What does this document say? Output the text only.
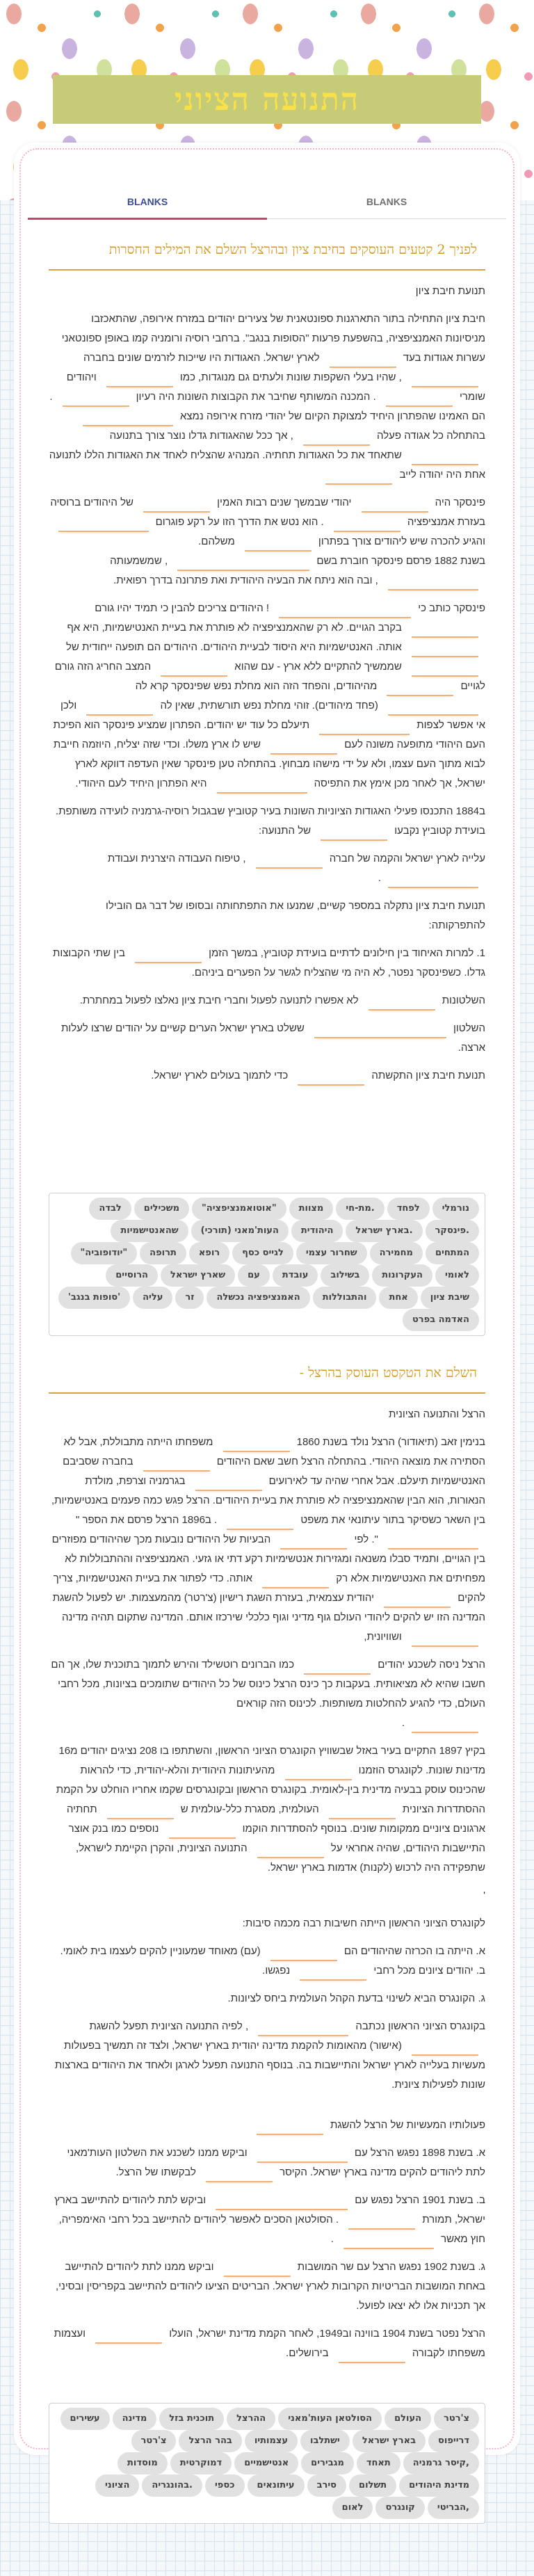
התנועה הציוני
BLANKS	BLANKS
לפניך 2 קטעים העוסקים בחיבת ציון ובהרצל השלם את המילים החסרות
תנועת חיבת ציון
חיבת ציון התחילה בתור התארגנות ספונטאנית של צעירים יהודים במזרח אירופה, שהתאכזבו מניסיונות האמנציפציה, בהשפעת פרעות "הסופות בנגב". ברחבי רוסיה ורומניה קמו באופן ספונטאני עשרות אגודות בעד לארץ ישראל. האגודות היו שייכות לזרמים שונים בחברה , שהיו בעלי השקפות שונות ולעתים גם מנוגדות, כמו ויהודים שומרי . המכנה המשותף שחיבר את הקבוצות השונות היה רעיון . הם האמינו שהפתרון היחיד למצוקת הקיום של יהודי מזרח אירופה נמצא בהתחלה כל אגודה פעלה , אך ככל שהאגודות גדלו נוצר צורך בתנועה שתאחד את כל האגודות תחתיה. המנהיג שהצליח לאחד את האגודות הללו לתנועה אחת היה יהודה לייב
פינסקר היה יהודי שבמשך שנים רבות האמין של היהודים ברוסיה בעזרת אמנציפציה . הוא נטש את הדרך הזו על רקע פוגרום והגיע להכרה שיש ליהודים צורך בפתרון משלהם.
בשנת 1882 פרסם פינסקר חוברת בשם , שמשמעותה , ובה הוא ניתח את הבעיה היהודית ואת פתרונה בדרך רפואית.
פינסקר כותב כי ! היהודים צריכים להבין כי תמיד יהיו גורם בקרב הגויים. לא רק שהאמנציפציה לא פותרת את בעיית האנטישמיות, היא אף אותה. האנטישמיות היא היסוד לבעיית היהודים. היהודים הם תופעה ייחודית של שממשיך להתקיים ללא ארץ - עם שהוא המצב החריג הזה גורם לגויים מהיהודים, והפחד הזה הוא מחלת נפש שפינסקר קרא לה (פחד מיהודים). זוהי מחלת נפש תורשתית, שאין לה ולכן אי אפשר לצפות תיעלם כל עוד יש יהודים. הפתרון שמציע פינסקר הוא הפיכת העם היהודי מתופעה משונה לעם שיש לו ארץ משלו. וכדי שזה יצליח, היוזמה חייבת לבוא מתוך העם עצמו, ולא על ידי מישהו מבחוץ. בהתחלה טען פינסקר שאין העדפה דווקא לארץ ישראל, אך לאחר מכן אימץ את התפיסה היא הפתרון היחיד לעם היהודי.
ב1884 התכנסו פעילי האגודות הציוניות השונות בעיר קטוביץ שבגבול רוסיה-גרמניה לועידה משותפת. בועידת קטוביץ נקבעו של התנועה:
עלייה לארץ ישראל והקמה של חברה , טיפוח העבודה היצרנית ועבודת
.
תנועת חיבת ציון נתקלה במספר קשיים, שמנעו את התפתחותה ובסופו של דבר גם הובילו להתפרקותה:
1. למרות האיחוד בין חילונים לדתיים בועידת קטוביץ, במשך הזמן בין שתי הקבוצות גדלו. כשפינסקר נפטר, לא היה מי שהצליח לגשר על הפערים ביניהם.
השלטונות לא אפשרו לתנועה לפעול וחברי חיבת ציון נאלצו לפעול במחתרת.
השלטון ששלט בארץ ישראל הערים קשיים על יהודים שרצו לעלות ארצה.
תנועת חיבת ציון התקשתה כדי לתמוך בעולים לארץ ישראל.
נורמלי
לפחד
.מת-חי
מצוות
"אוטואמנציפציה"
משכילים
לבדה
.פינסקר
.בארץ ישראל
היהודית
העות'מאני (תורכי)
שהאנטישמיות
המתחים
מחמירה
שחרור עצמי
לגייס כסף
רופא
תרופה
"יודופוביה"
לאומי
העקרונות
בשילוב
עובדת
עם
שארץ ישראל
הרוסיים
שיבת ציון
אחת
והתבוללות
האמנציפציה נכשלה
זר
עליה
'סופות בנגב'
האדמה בפרט
השלם את הטקסט העוסק בהרצל -
הרצל והתנועה הציונית
בנימין זאב (תיאודור) הרצל נולד בשנת 1860 משפחתו הייתה מתבוללת, אבל לא הסתירה את מוצאה היהודי. בהתחלה הרצל חשב שאם היהודים בחברה שסביבם האנטישמיות תיעלם. אבל אחרי שהיה עד לאירועים בגרמניה וצרפת, מולדת הנאורות, הוא הבין שהאמנציפציה לא פותרת את בעיית היהודים. הרצל פגש כמה פעמים באנטישמיות, בין השאר כשסיקר בתור עיתונאי את משפט . ב1896 הרצל פרסם את הספר " ". לפי הבעיות של היהודים נובעות מכך שהיהודים מפוזרים בין הגויים, ותמיד סבלו משנאה ומגזירות אנטשימיות רקע דתי או גזעי. האמנציפציה וההתבוללות לא מפחיתים את האנטישמיות אלא רק אותה. כדי לפתור את בעיית האנטישמיות, צריך להקים יהודית עצמאית, בעזרת השגת רישיון (צ'רטר) מהמעצמות. יש לפעול להשגת המדינה הזו יש להקים ליהודי העולם גוף מדיני וגוף כלכלי שירכזו אותם. המדינה שתקום תהיה מדינה ושוויונית,
הרצל ניסה לשכנע יהודים כמו הברונים רוטשילד והירש לתמוך בתוכנית שלו, אך הם חשבו שהיא לא מציאותית. בעקבות כך כינס הרצל כינוס של כל היהודים שתומכים בציונות, מכל רחבי העולם, כדי להגיע להחלטות משותפות. לכינוס הזה קוראים
.
בקיץ 1897 התקיים בעיר באזל שבשוויץ הקונגרס הציוני הראשון, והשתתפו בו 208 נציגים יהודים מ16 מדינות שונות. לקונגרס הוזמנו מהעיתונות היהודית והלא-יהודית, כדי להראות שהכינוס עוסק בבעיה מדינית בין-לאומית. בקונגרס הראשון ובקונגרסים שקמו אחריו הוחלט על הקמת ההסתדרות הציונית העולמית, מסגרת כלל-עולמית ש תחתיה ארגונים ציוניים ממקומות שונים. בנוסף להסתדרות הוקמו נוספים כמו בנק אוצר התיישבות היהודים, שהיה אחראי על התנועה הציונית, והקרן הקיימת לישראל, שתפקידה היה לרכוש (לקנות) אדמות בארץ ישראל.
'
לקונגרס הציוני הראשון הייתה חשיבות רבה מכמה סיבות:
א. הייתה בו הכרזה שהיהודים הם (עם) מאוחד שמעוניין להקים לעצמו בית לאומי. ב. יהודים ציונים מכל רחבי נפגשו.
ג. הקונגרס הביא לשינוי בדעת הקהל העולמית ביחס לציונות.
בקונגרס הציוני הראשון נכתבה , לפיה התנועה הציונית תפעל להשגת (אישור) מהאומות להקמת מדינה יהודית בארץ ישראל, ולצד זה תמשיך בפעולות מעשיות בעלייה לארץ ישראל והתיישבות בה. בנוסף התנועה תפעל לארגן ולאחד את היהודים בארצות שונות לפעילות ציונית.
פעולותיו המעשיות של הרצל להשגת
א. בשנת 1898 נפגש הרצל עם וביקש ממנו לשכנע את השלטון העות'מאני לתת ליהודים להקים מדינה בארץ ישראל. הקיסר לבקשתו של הרצל.
ב. בשנת 1901 הרצל נפגש עם וביקש לתת ליהודים להתיישב בארץ ישראל, תמורת . הסולטאן הסכים לאפשר ליהודים להתיישב בכל רחבי האימפריה, חוץ מאשר .
ג. בשנת 1902 נפגש הרצל עם שר המושבות וביקש ממנו לתת ליהודים להתיישב באחת המושבות הבריטיות הקרובות לארץ ישראל. הבריטים הציעו ליהודים להתיישב בקפריסין ובסיני, אך תכניות אלו לא יצאו לפועל.
הרצל נפטר בשנת 1904 בווינה וב1949, לאחר הקמת מדינת ישראל, הועלו ועצמות משפחתו לקבורה בירושלים.
צ'רטר
העולם
הסולטאן העות'מאני
ההרצל
תוכנית בזל
מדינה
עשירים
דרייפוס
בארץ ישראל
ישתלבו
עצמותיו
בהר הרצל
צ'רטר
,קיסר גרמניה
תאחד
מגבירים
אנטישמיים
דמוקרטית
מוסדות
מדינת היהודים
תשלום
סירב
עיתונאים
כספי
.בהונגריה
הציוני
,הבריטי
קונגרס
לאום
